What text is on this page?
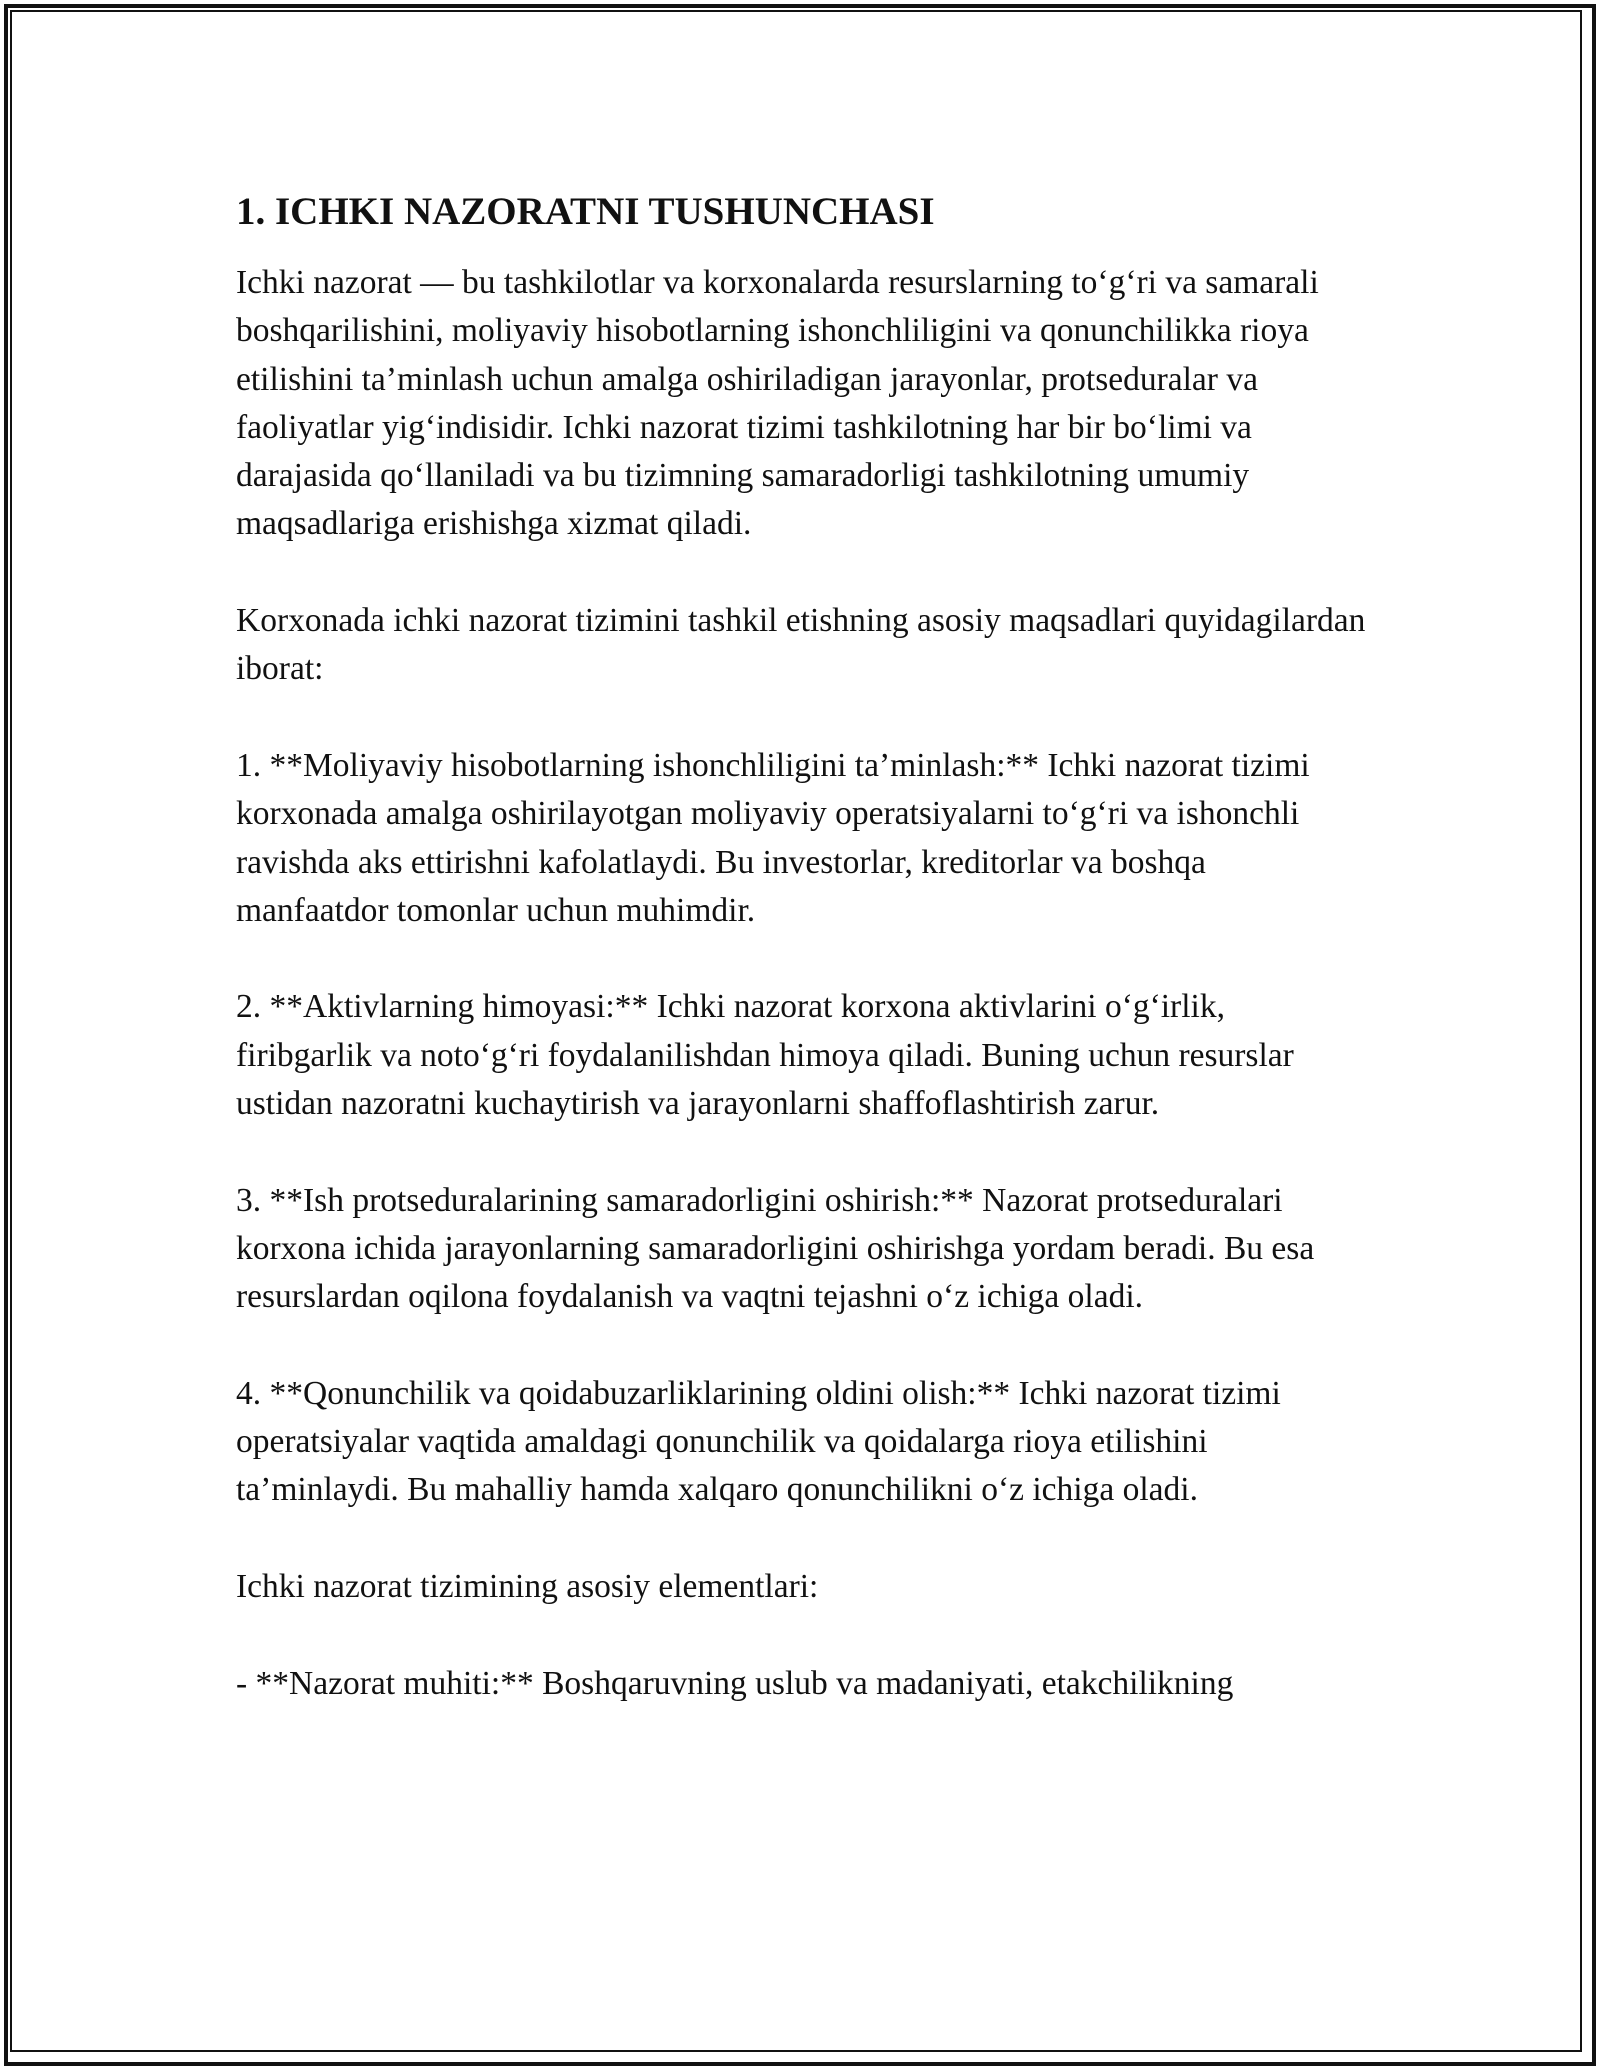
1. ICHKI NAZORATNI TUSHUNCHASI

Ichki nazorat — bu tashkilotlar va korxonalarda resurslarning to‘g‘ri va samarali boshqarilishini, moliyaviy hisobotlarning ishonchliligini va qonunchilikka rioya etilishini ta’minlash uchun amalga oshiriladigan jarayonlar, protseduralar va faoliyatlar yig‘indisidir. Ichki nazorat tizimi tashkilotning har bir bo‘limi va darajasida qo‘llaniladi va bu tizimning samaradorligi tashkilotning umumiy maqsadlariga erishishga xizmat qiladi.

Korxonada ichki nazorat tizimini tashkil etishning asosiy maqsadlari quyidagilardan iborat:

1. **Moliyaviy hisobotlarning ishonchliligini ta’minlash:** Ichki nazorat tizimi korxonada amalga oshirilayotgan moliyaviy operatsiyalarni to‘g‘ri va ishonchli ravishda aks ettirishni kafolatlaydi. Bu investorlar, kreditorlar va boshqa manfaatdor tomonlar uchun muhimdir.

2. **Aktivlarning himoyasi:** Ichki nazorat korxona aktivlarini o‘g‘irlik, firibgarlik va noto‘g‘ri foydalanilishdan himoya qiladi. Buning uchun resurslar ustidan nazoratni kuchaytirish va jarayonlarni shaffoflashtirish zarur.

3. **Ish protseduralarining samaradorligini oshirish:** Nazorat protseduralari korxona ichida jarayonlarning samaradorligini oshirishga yordam beradi. Bu esa resurslardan oqilona foydalanish va vaqtni tejashni o‘z ichiga oladi.

4. **Qonunchilik va qoidabuzarliklarining oldini olish:** Ichki nazorat tizimi operatsiyalar vaqtida amaldagi qonunchilik va qoidalarga rioya etilishini ta’minlaydi. Bu mahalliy hamda xalqaro qonunchilikni o‘z ichiga oladi.

Ichki nazorat tizimining asosiy elementlari:

- **Nazorat muhiti:** Boshqaruvning uslub va madaniyati, etakchilikning
